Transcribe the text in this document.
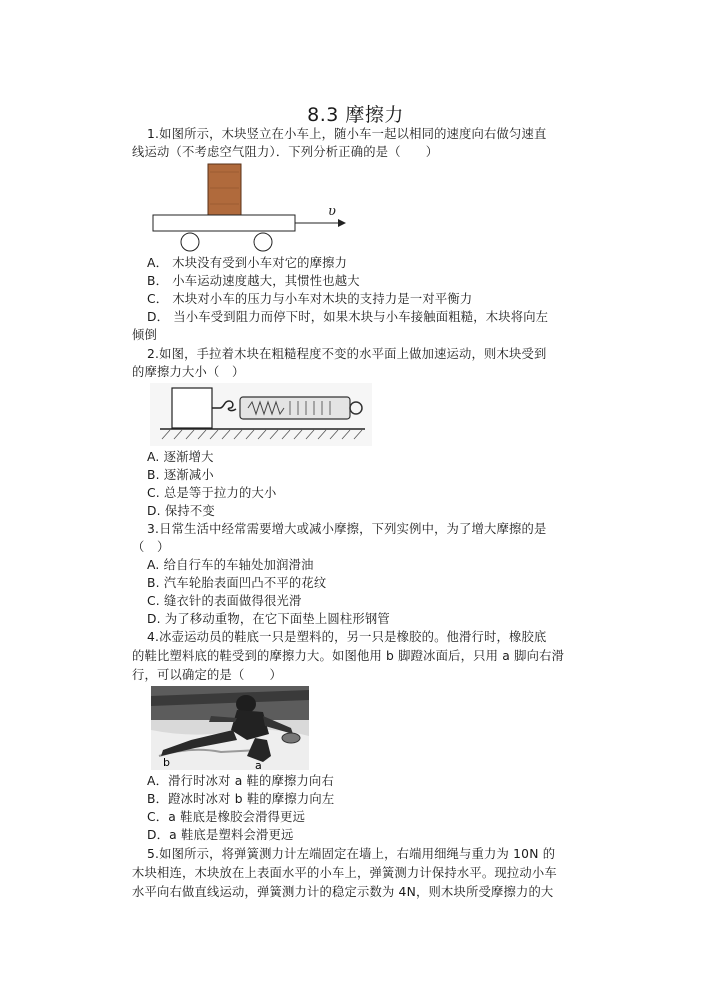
8.3 摩擦力
1.如图所示，木块竖立在小车上，随小车一起以相同的速度向右做匀速直
线运动（不考虑空气阻力）．下列分析正确的是（　　）
υ
A． 木块没有受到小车对它的摩擦力
B． 小车运动速度越大，其惯性也越大
C． 木块对小车的压力与小车对木块的支持力是一对平衡力
D． 当小车受到阻力而停下时，如果木块与小车接触面粗糙，木块将向左
倾倒
2.如图，手拉着木块在粗糙程度不变的水平面上做加速运动，则木块受到
的摩擦力大小（　）
A. 逐渐增大
B. 逐渐减小
C. 总是等于拉力的大小
D. 保持不变
3.日常生活中经常需要增大或减小摩擦，下列实例中，为了增大摩擦的是
（　）
A. 给自行车的车轴处加润滑油
B. 汽车轮胎表面凹凸不平的花纹
C. 缝衣针的表面做得很光滑
D. 为了移动重物，在它下面垫上圆柱形钢管
4.冰壶运动员的鞋底一只是塑料的，另一只是橡胶的。他滑行时，橡胶底
的鞋比塑料底的鞋受到的摩擦力大。如图他用 b 脚蹬冰面后，只用 a 脚向右滑
行，可以确定的是（　　）
b	a
A．滑行时冰对 a 鞋的摩擦力向右
B．蹬冰时冰对 b 鞋的摩擦力向左
C．a 鞋底是橡胶会滑得更远
D．a 鞋底是塑料会滑更远
5.如图所示，将弹簧测力计左端固定在墙上，右端用细绳与重力为 10N 的
木块相连，木块放在上表面水平的小车上，弹簧测力计保持水平。现拉动小车
水平向右做直线运动，弹簧测力计的稳定示数为 4N，则木块所受摩擦力的大
